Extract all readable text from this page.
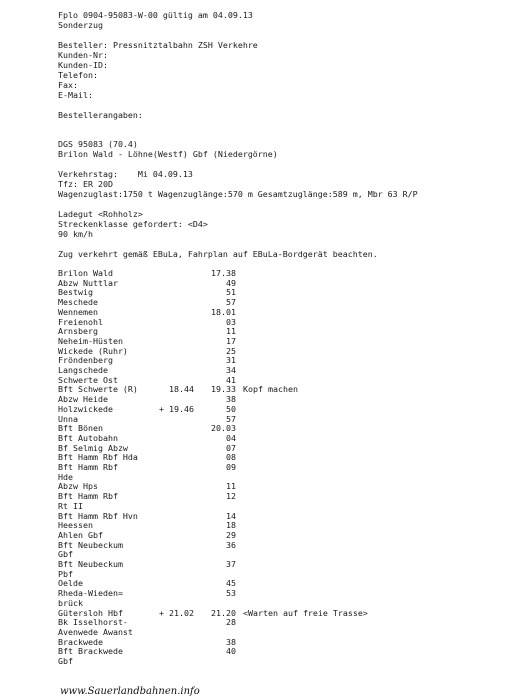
Fplo 0904-95083-W-00 gültig am 04.09.13
Sonderzug
Besteller: Pressnitztalbahn ZSH Verkehre
Kunden-Nr:
Kunden-ID:
Telefon:
Fax:
E-Mail:
Bestellerangaben:
DGS 95083 (70.4)
Brilon Wald - Löhne(Westf) Gbf (Niedergörne)
Verkehrstag:    Mi 04.09.13
Tfz: ER 20D
Wagenzuglast:1750 t Wagenzuglänge:570 m Gesamtzuglänge:589 m, Mbr 63 R/P
Ladegut <Rohholz>
Streckenklasse gefordert: <D4>
90 km/h
Zug verkehrt gemäß EBuLa, Fahrplan auf EBuLa-Bordgerät beachten.
Brilon Wald	17.38
Abzw Nuttlar	49
Bestwig	51
Meschede	57
Wennemen	18.01
Freienohl	03
Arnsberg	11
Neheim-Hüsten	17
Wickede (Ruhr)	25
Fröndenberg	31
Langschede	34
Schwerte Ost	41
Bft Schwerte (R)	18.44	19.33 Kopf machen
Abzw Heide	38
Holzwickede	+ 19.46	50
Unna	57
Bft Bönen	20.03
Bft Autobahn	04
Bf Selmig Abzw	07
Bft Hamm Rbf Hda	08
Bft Hamm Rbf	09
Hde
Abzw Hps	11
Bft Hamm Rbf	12
Rt II
Bft Hamm Rbf Hvn	14
Heessen	18
Ahlen Gbf	29
Bft Neubeckum	36
Gbf
Bft Neubeckum	37
Pbf
Oelde	45
Rheda-Wieden=	53
brück
Gütersloh Hbf	+ 21.02	21.20 <Warten auf freie Trasse>
Bk Isselhorst-	28
Avenwede Awanst
Brackwede	38
Bft Brackwede	40
Gbf
www.Sauerlandbahnen.info
